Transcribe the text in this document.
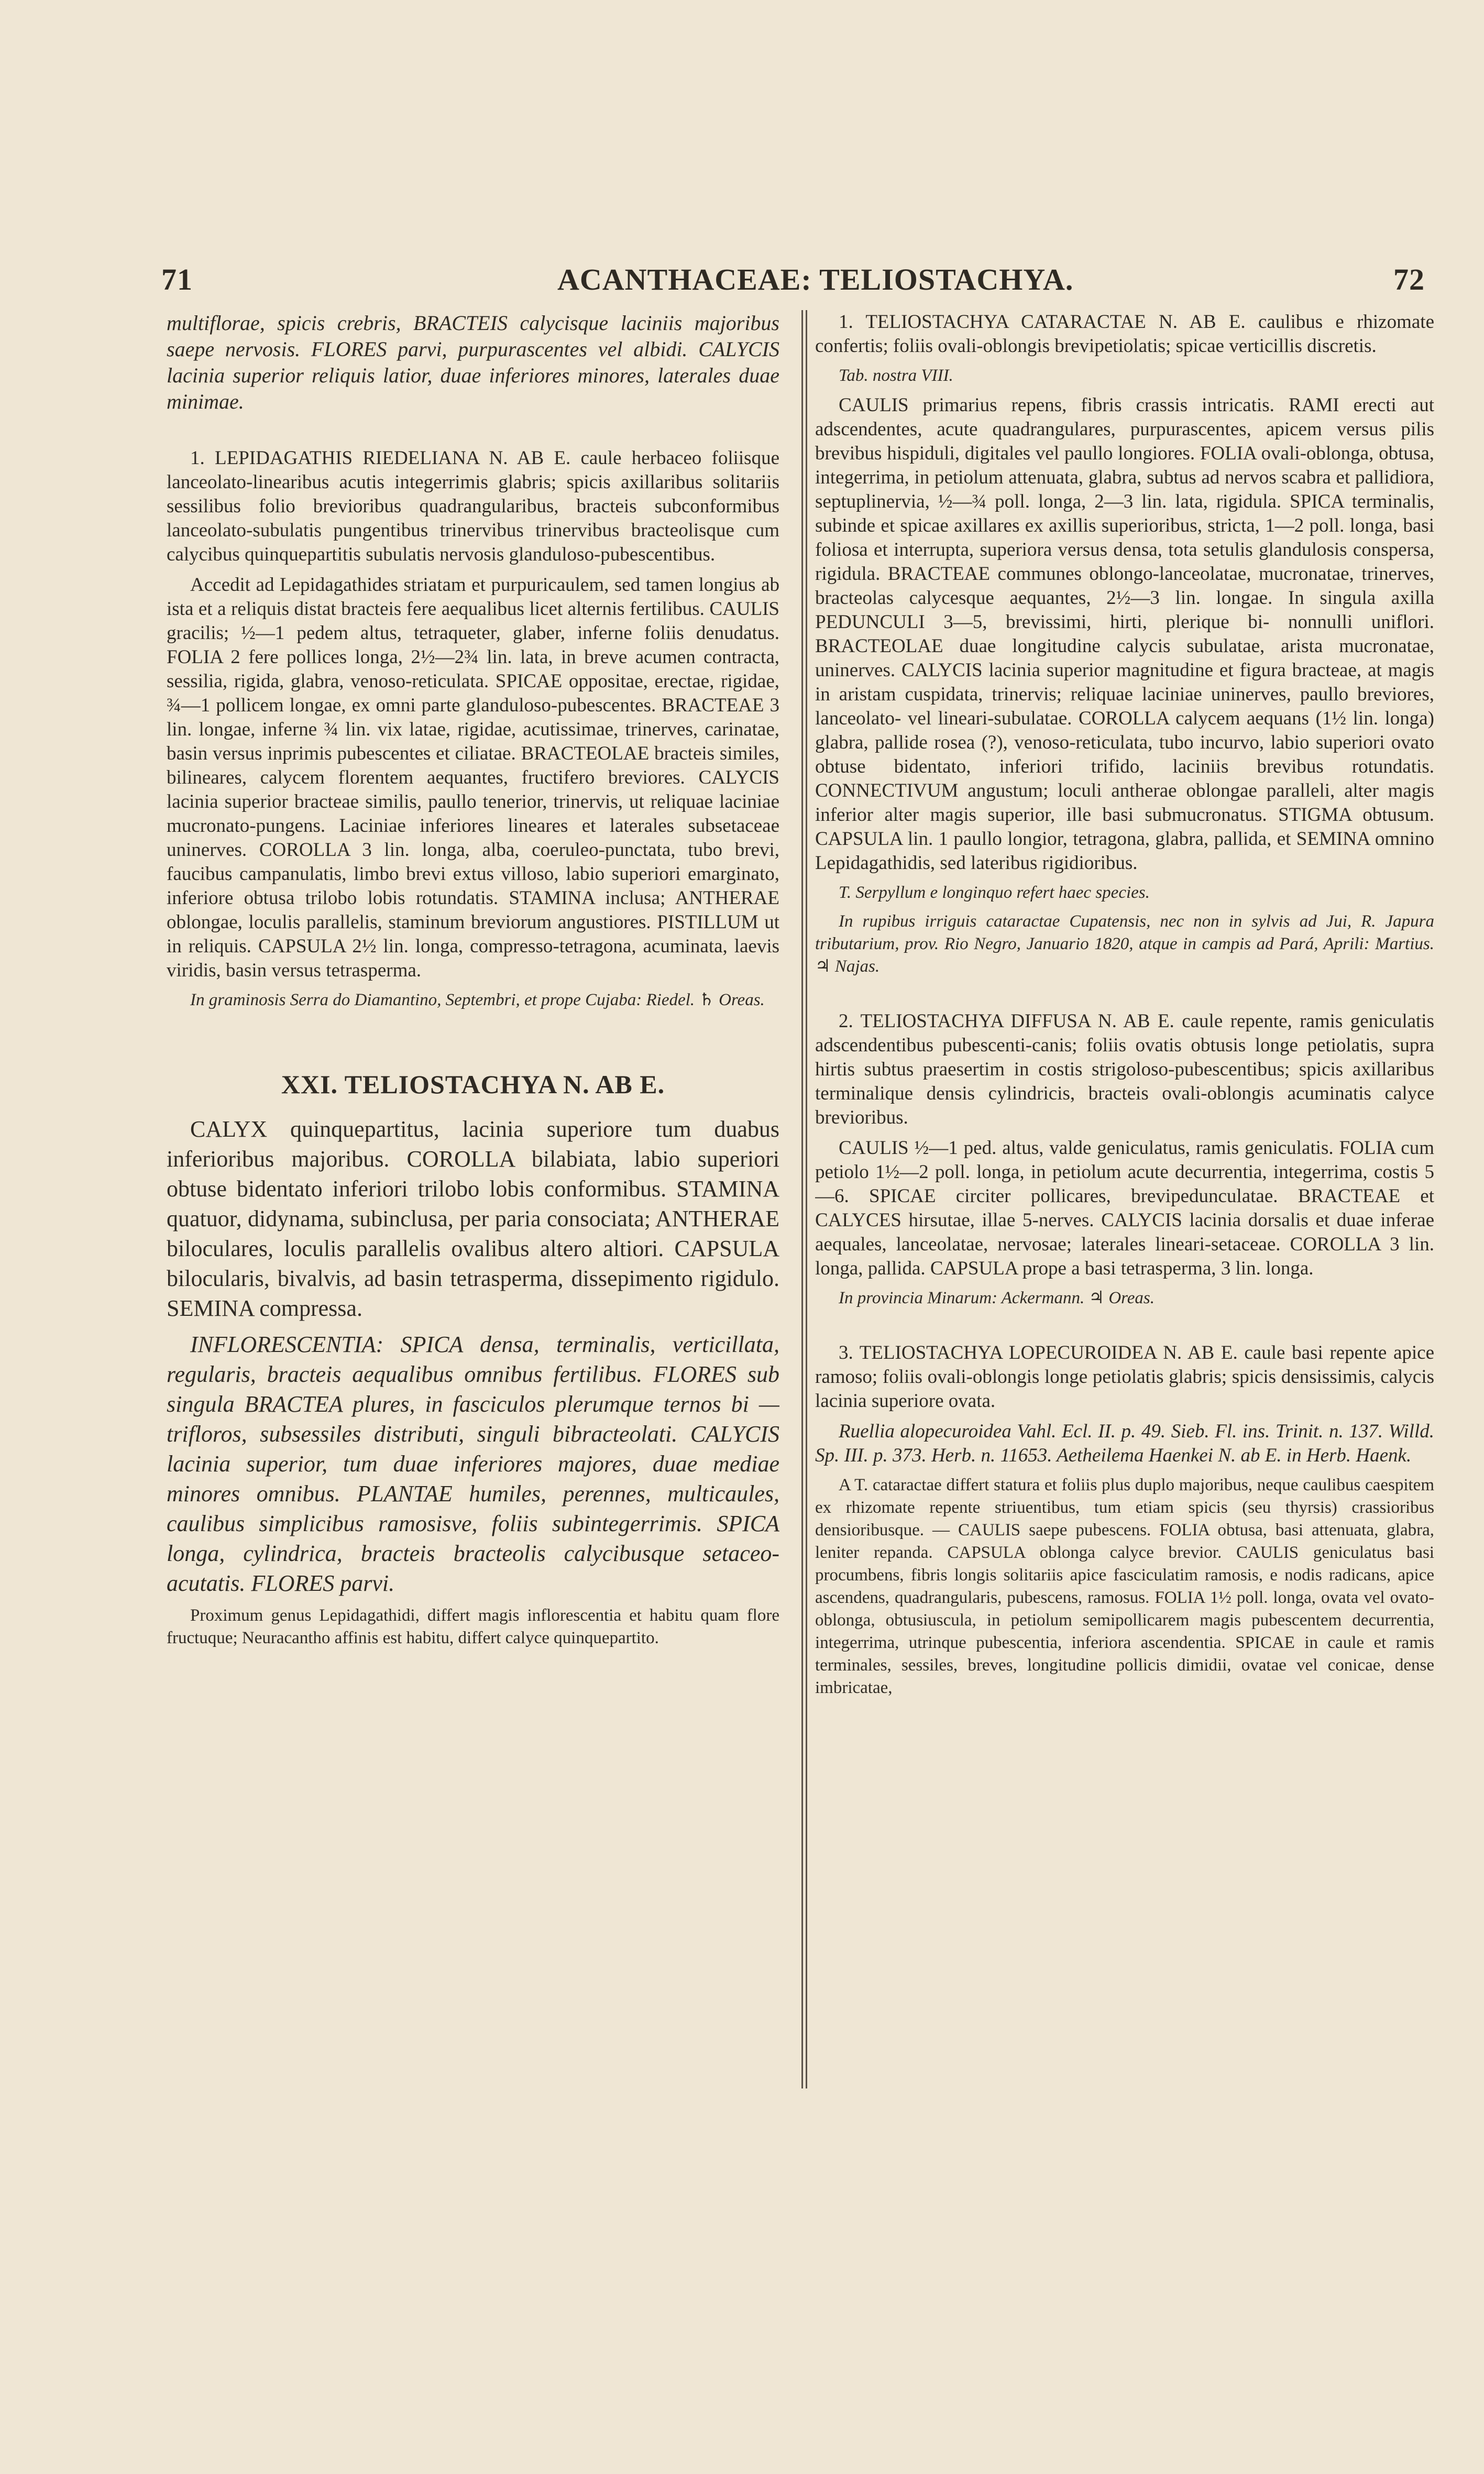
71	ACANTHACEAE: TELIOSTACHYA.	72

multiflorae, spicis crebris, BRACTEIS calycisque laciniis majoribus saepe nervosis. FLORES parvi, purpurascentes vel albidi. CALYCIS lacinia superior reliquis latior, duae inferiores minores, laterales duae minimae.

1. LEPIDAGATHIS RIEDELIANA N. AB E. caule herbaceo foliisque lanceolato-linearibus acutis integerrimis glabris; spicis axillaribus solitariis sessilibus folio brevioribus quadrangularibus, bracteis subconformibus lanceolato-subulatis pungentibus trinervibus trinervibus bracteolisque cum calycibus quinquepartitis subulatis nervosis glanduloso-pubescentibus.

Accedit ad Lepidagathides striatam et purpuricaulem, sed tamen longius ab ista et a reliquis distat bracteis fere aequalibus licet alternis fertilibus. CAULIS gracilis; ½—1 pedem altus, tetraqueter, glaber, inferne foliis denudatus. FOLIA 2 fere pollices longa, 2½—2¾ lin. lata, in breve acumen contracta, sessilia, rigida, glabra, venoso-reticulata. SPICAE oppositae, erectae, rigidae, ¾—1 pollicem longae, ex omni parte glanduloso-pubescentes. BRACTEAE 3 lin. longae, inferne ¾ lin. vix latae, rigidae, acutissimae, trinerves, carinatae, basin versus inprimis pubescentes et ciliatae. BRACTEOLAE bracteis similes, bilineares, calycem florentem aequantes, fructifero breviores. CALYCIS lacinia superior bracteae similis, paullo tenerior, trinervis, ut reliquae laciniae mucronato-pungens. Laciniae inferiores lineares et laterales subsetaceae uninerves. COROLLA 3 lin. longa, alba, coeruleo-punctata, tubo brevi, faucibus campanulatis, limbo brevi extus villoso, labio superiori emarginato, inferiore obtusa trilobo lobis rotundatis. STAMINA inclusa; ANTHERAE oblongae, loculis parallelis, staminum breviorum angustiores. PISTILLUM ut in reliquis. CAPSULA 2½ lin. longa, compresso-tetragona, acuminata, laevis viridis, basin versus tetrasperma.

In graminosis Serra do Diamantino, Septembri, et prope Cujaba: Riedel. ♄ Oreas.

XXI. TELIOSTACHYA N. AB E.

CALYX quinquepartitus, lacinia superiore tum duabus inferioribus majoribus. COROLLA bilabiata, labio superiori obtuse bidentato inferiori trilobo lobis conformibus. STAMINA quatuor, didynama, subinclusa, per paria consociata; ANTHERAE biloculares, loculis parallelis ovalibus altero altiori. CAPSULA bilocularis, bivalvis, ad basin tetrasperma, dissepimento rigidulo. SEMINA compressa.

INFLORESCENTIA: SPICA densa, terminalis, verticillata, regularis, bracteis aequalibus omnibus fertilibus. FLORES sub singula BRACTEA plures, in fasciculos plerumque ternos bi — trifloros, subsessiles distributi, singuli bibracteolati. CALYCIS lacinia superior, tum duae inferiores majores, duae mediae minores omnibus. PLANTAE humiles, perennes, multicaules, caulibus simplicibus ramosisve, foliis subintegerrimis. SPICA longa, cylindrica, bracteis bracteolis calycibusque setaceo-acutatis. FLORES parvi.

Proximum genus Lepidagathidi, differt magis inflorescentia et habitu quam flore fructuque; Neuracantho affinis est habitu, differt calyce quinquepartito.

1. TELIOSTACHYA CATARACTAE N. AB E. caulibus e rhizomate confertis; foliis ovali-oblongis brevipetiolatis; spicae verticillis discretis.

Tab. nostra VIII.

CAULIS primarius repens, fibris crassis intricatis. RAMI erecti aut adscendentes, acute quadrangulares, purpurascentes, apicem versus pilis brevibus hispiduli, digitales vel paullo longiores. FOLIA ovali-oblonga, obtusa, integerrima, in petiolum attenuata, glabra, subtus ad nervos scabra et pallidiora, septuplinervia, ½—¾ poll. longa, 2—3 lin. lata, rigidula. SPICA terminalis, subinde et spicae axillares ex axillis superioribus, stricta, 1—2 poll. longa, basi foliosa et interrupta, superiora versus densa, tota setulis glandulosis conspersa, rigidula. BRACTEAE communes oblongo-lanceolatae, mucronatae, trinerves, bracteolas calycesque aequantes, 2½—3 lin. longae. In singula axilla PEDUNCULI 3—5, brevissimi, hirti, plerique bi- nonnulli uniflori. BRACTEOLAE duae longitudine calycis subulatae, arista mucronatae, uninerves. CALYCIS lacinia superior magnitudine et figura bracteae, at magis in aristam cuspidata, trinervis; reliquae laciniae uninerves, paullo breviores, lanceolato- vel lineari-subulatae. COROLLA calycem aequans (1½ lin. longa) glabra, pallide rosea (?), venoso-reticulata, tubo incurvo, labio superiori ovato obtuse bidentato, inferiori trifido, laciniis brevibus rotundatis. CONNECTIVUM angustum; loculi antherae oblongae paralleli, alter magis inferior alter magis superior, ille basi submucronatus. STIGMA obtusum. CAPSULA lin. 1 paullo longior, tetragona, glabra, pallida, et SEMINA omnino Lepidagathidis, sed lateribus rigidioribus.

T. Serpyllum e longinquo refert haec species.

In rupibus irriguis cataractae Cupatensis, nec non in sylvis ad Jui, R. Japura tributarium, prov. Rio Negro, Januario 1820, atque in campis ad Pará, Aprili: Martius. ♃ Najas.

2. TELIOSTACHYA DIFFUSA N. AB E. caule repente, ramis geniculatis adscendentibus pubescenti-canis; foliis ovatis obtusis longe petiolatis, supra hirtis subtus praesertim in costis strigoloso-pubescentibus; spicis axillaribus terminalique densis cylindricis, bracteis ovali-oblongis acuminatis calyce brevioribus.

CAULIS ½—1 ped. altus, valde geniculatus, ramis geniculatis. FOLIA cum petiolo 1½—2 poll. longa, in petiolum acute decurrentia, integerrima, costis 5—6. SPICAE circiter pollicares, brevipedunculatae. BRACTEAE et CALYCES hirsutae, illae 5-nerves. CALYCIS lacinia dorsalis et duae inferae aequales, lanceolatae, nervosae; laterales lineari-setaceae. COROLLA 3 lin. longa, pallida. CAPSULA prope a basi tetrasperma, 3 lin. longa.

In provincia Minarum: Ackermann. ♃ Oreas.

3. TELIOSTACHYA LOPECUROIDEA N. AB E. caule basi repente apice ramoso; foliis ovali-oblongis longe petiolatis glabris; spicis densissimis, calycis lacinia superiore ovata.

Ruellia alopecuroidea Vahl. Ecl. II. p. 49. Sieb. Fl. ins. Trinit. n. 137. Willd. Sp. III. p. 373. Herb. n. 11653. Aetheilema Haenkei N. ab E. in Herb. Haenk.

A T. cataractae differt statura et foliis plus duplo majoribus, neque caulibus caespitem ex rhizomate repente striuentibus, tum etiam spicis (seu thyrsis) crassioribus densioribusque. — CAULIS saepe pubescens. FOLIA obtusa, basi attenuata, glabra, leniter repanda. CAPSULA oblonga calyce brevior. CAULIS geniculatus basi procumbens, fibris longis solitariis apice fasciculatim ramosis, e nodis radicans, apice ascendens, quadrangularis, pubescens, ramosus. FOLIA 1½ poll. longa, ovata vel ovato-oblonga, obtusiuscula, in petiolum semipollicarem magis pubescentem decurrentia, integerrima, utrinque pubescentia, inferiora ascendentia. SPICAE in caule et ramis terminales, sessiles, breves, longitudine pollicis dimidii, ovatae vel conicae, dense imbricatae,
